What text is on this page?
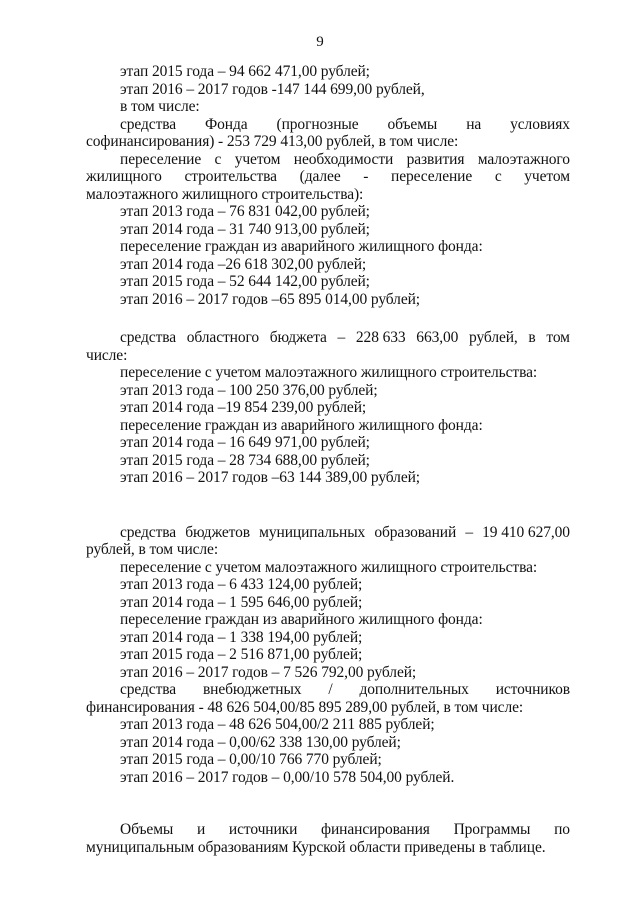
9
этап 2015 года – 94 662 471,00 рублей;
этап 2016 – 2017 годов -147 144 699,00 рублей,
в том числе:
средства Фонда (прогнозные объемы на условиях
софинансирования) - 253 729 413,00 рублей, в том числе:
переселение с учетом необходимости развития малоэтажного
жилищного строительства (далее - переселение с учетом
малоэтажного жилищного строительства):
этап 2013 года – 76 831 042,00 рублей;
этап 2014 года – 31 740 913,00 рублей;
переселение граждан из аварийного жилищного фонда:
этап 2014 года –26 618 302,00 рублей;
этап 2015 года – 52 644 142,00 рублей;
этап 2016 – 2017 годов –65 895 014,00 рублей;
средства областного бюджета – 228 633 663,00 рублей, в том
числе:
переселение с учетом малоэтажного жилищного строительства:
этап 2013 года – 100 250 376,00 рублей;
этап 2014 года –19 854 239,00 рублей;
переселение граждан из аварийного жилищного фонда:
этап 2014 года – 16 649 971,00 рублей;
этап 2015 года – 28 734 688,00 рублей;
этап 2016 – 2017 годов –63 144 389,00 рублей;
средства бюджетов муниципальных образований – 19 410 627,00
рублей, в том числе:
переселение с учетом малоэтажного жилищного строительства:
этап 2013 года – 6 433 124,00 рублей;
этап 2014 года – 1 595 646,00 рублей;
переселение граждан из аварийного жилищного фонда:
этап 2014 года – 1 338 194,00 рублей;
этап 2015 года – 2 516 871,00 рублей;
этап 2016 – 2017 годов – 7 526 792,00 рублей;
средства внебюджетных / дополнительных источников
финансирования - 48 626 504,00/85 895 289,00 рублей, в том числе:
этап 2013 года – 48 626 504,00/2 211 885 рублей;
этап 2014 года – 0,00/62 338 130,00 рублей;
этап 2015 года – 0,00/10 766 770 рублей;
этап 2016 – 2017 годов – 0,00/10 578 504,00 рублей.
Объемы и источники финансирования Программы по
муниципальным образованиям Курской области приведены в таблице.
